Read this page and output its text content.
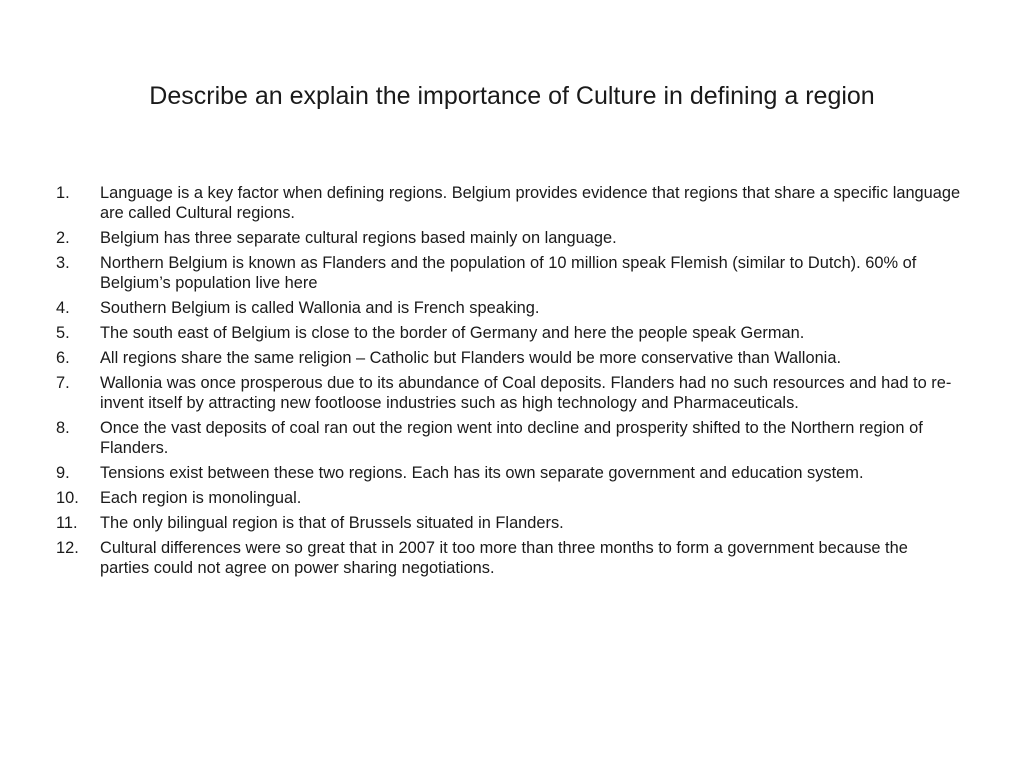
Describe an explain the importance of Culture in defining a region
1.	Language is a key factor when defining regions. Belgium provides evidence that regions that share a specific language are called Cultural regions.
2.	Belgium has three separate cultural regions based mainly on language.
3.	Northern Belgium is known as Flanders and the population of 10 million speak Flemish (similar to Dutch). 60% of Belgium’s population live here
4.	Southern Belgium is called Wallonia and is French speaking.
5.	The south east of Belgium is close to the border of Germany and here the people speak German.
6.	All regions share the same religion – Catholic but Flanders would be more conservative than Wallonia.
7.	Wallonia was once prosperous due to its abundance of Coal deposits. Flanders had no such resources and had to re-invent itself by attracting new footloose industries such as high technology and Pharmaceuticals.
8.	Once the vast deposits of coal ran out the region went into decline and prosperity shifted to the Northern region of Flanders.
9.	Tensions exist between these two regions. Each has its own separate government and education system.
10.	Each region is monolingual.
11.	The only bilingual region is that of Brussels situated in Flanders.
12.	Cultural differences were so great that in 2007 it too more than three months to form a government because the parties could not agree on power sharing negotiations.
